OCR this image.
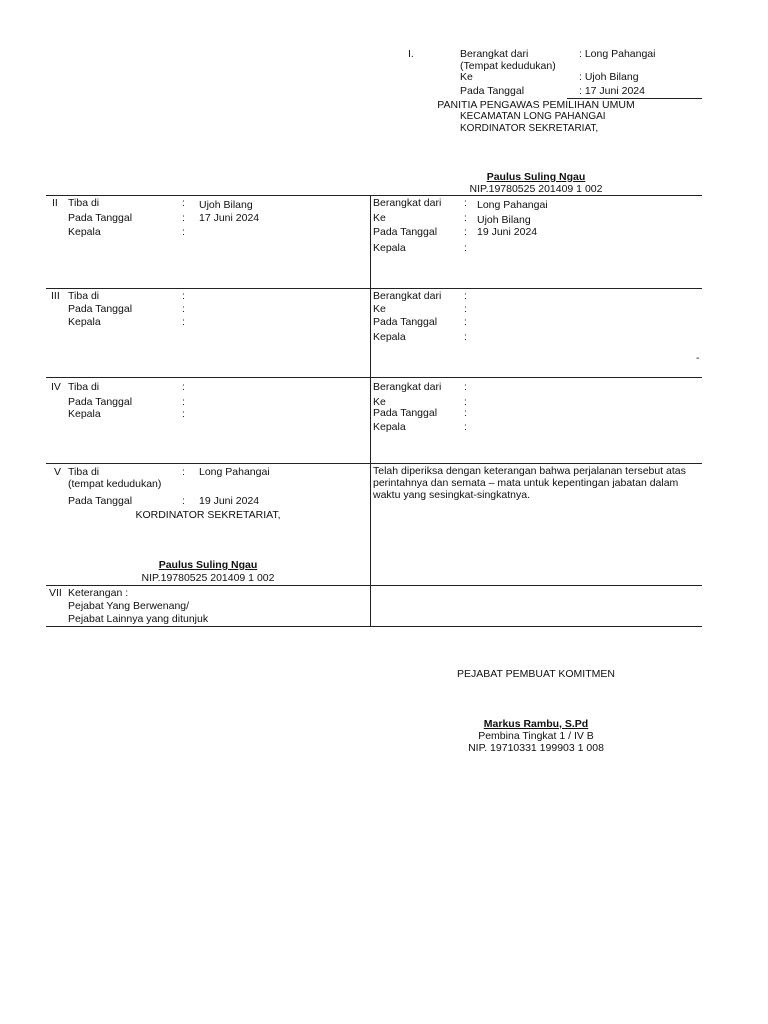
I.	Berangkat dari	: Long Pahangai
(Tempat kedudukan)
Ke	: Ujoh Bilang
Pada Tanggal	: 17 Juni 2024
PANITIA PENGAWAS PEMILIHAN UMUM
KECAMATAN LONG PAHANGAI
KORDINATOR SEKRETARIAT,
Paulus Suling Ngau
NIP.19780525 201409 1 002
II Tiba di	: Ujoh Bilang
Pada Tanggal	: 17 Juni 2024
Kepala	:
Berangkat dari : Long Pahangai
Ke	: Ujoh Bilang
Pada Tanggal	: 19 Juni 2024
Kepala	:
III Tiba di	:
Pada Tanggal	:
Kepala	:
Berangkat dari :
Ke	:
Pada Tanggal	:
Kepala	:
-
IV Tiba di	:
Pada Tanggal	:
Kepala	:
Berangkat dari :
Ke	:
Pada Tanggal	:
Kepala	:
V Tiba di	: Long Pahangai
(tempat kedudukan)
Pada Tanggal	: 19 Juni 2024
KORDINATOR SEKRETARIAT,
Paulus Suling Ngau
NIP.19780525 201409 1 002
Telah diperiksa dengan keterangan bahwa perjalanan tersebut atas perintahnya dan semata – mata untuk kepentingan jabatan dalam waktu yang sesingkat-singkatnya.
VII Keterangan :
Pejabat Yang Berwenang/
Pejabat Lainnya yang ditunjuk
PEJABAT PEMBUAT KOMITMEN
Markus Rambu, S.Pd
Pembina Tingkat 1 / IV B
NIP. 19710331 199903 1 008
